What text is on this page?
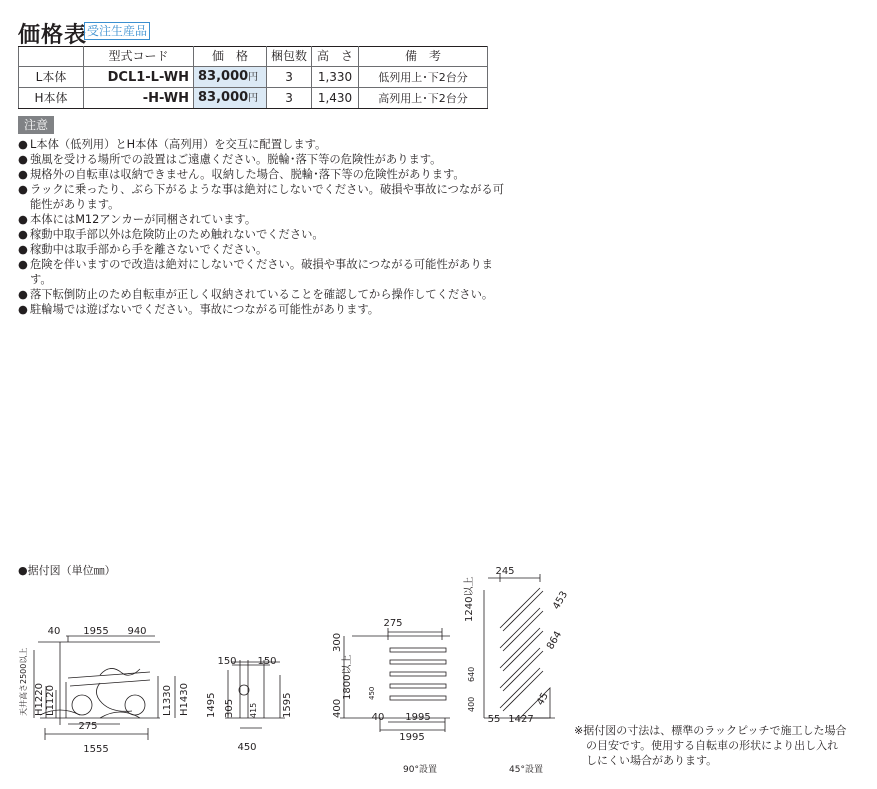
価格表 受注生産品
	型式コード	価　格	梱包数	高　さ	備　考
L本体	DCL1-L-WH	83,000円	3	1,330	低列用上･下2台分
H本体	-H-WH	83,000円	3	1,430	高列用上･下2台分
注意
● L本体（低列用）とH本体（高列用）を交互に配置します。
● 強風を受ける場所での設置はご遠慮ください。脱輪･落下等の危険性があります。
● 規格外の自転車は収納できません。収納した場合、脱輪･落下等の危険性があります。
● ラックに乗ったり、ぶら下がるような事は絶対にしないでください。破損や事故につながる可能性があります。
● 本体にはM12アンカーが同梱されています。
● 稼動中取手部以外は危険防止のため触れないでください。
● 稼動中は取手部から手を離さないでください。
● 危険を伴いますので改造は絶対にしないでください。破損や事故につながる可能性があります。
● 落下転倒防止のため自転車が正しく収納されていることを確認してから操作してください。
● 駐輪場では遊ばないでください。事故につながる可能性があります。
●据付図（単位㎜）
40 1955 940
275
1555
天井高さ2500以上 H1220 L1120	L1330 H1430
150 150
1495 305 415 1595
450
275
300
1800以上
400
450
40 1995
1995
90°設置
245
1240以上	453
864
45
640
400
55 1427
45°設置
※据付図の寸法は、標準のラックピッチで施工した場合
の目安です。使用する自転車の形状により出し入れ
しにくい場合があります。
